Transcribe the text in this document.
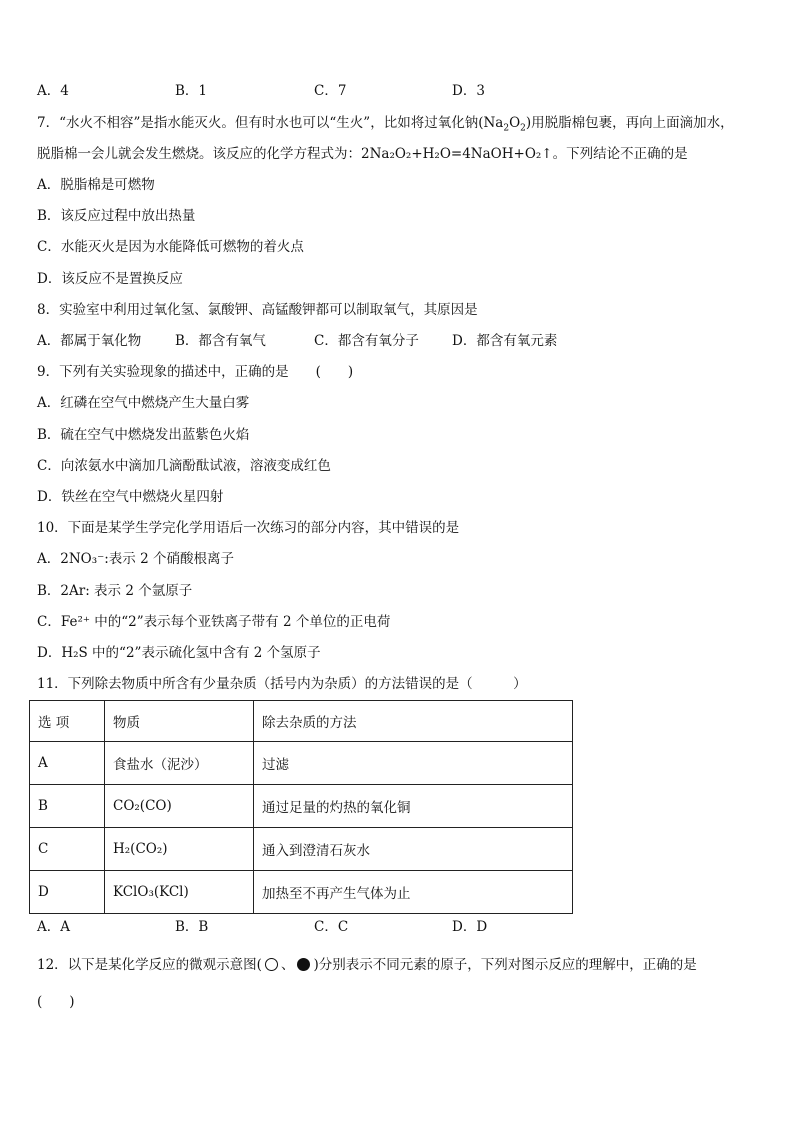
A．4	B．1	C．7	D．3
7．“水火不相容”是指水能灭火。但有时水也可以“生火”，比如将过氧化钠$(Na_2O_2)$用脱脂棉包裹，再向上面滴加水，
脱脂棉一会儿就会发生燃烧。该反应的化学方程式为：2Na₂O₂+H₂O=4NaOH+O₂↑。下列结论不正确的是
A．脱脂棉是可燃物
B．该反应过程中放出热量
C．水能灭火是因为水能降低可燃物的着火点
D．该反应不是置换反应
8．实验室中利用过氧化氢、氯酸钾、高锰酸钾都可以制取氧气，其原因是
A．都属于氧化物	B．都含有氧气	C．都含有氧分子 D．都含有氧元素
9．下列有关实验现象的描述中，正确的是　　(　　)
A．红磷在空气中燃烧产生大量白雾
B．硫在空气中燃烧发出蓝紫色火焰
C．向浓氨水中滴加几滴酚酞试液，溶液变成红色
D．铁丝在空气中燃烧火星四射
10．下面是某学生学完化学用语后一次练习的部分内容，其中错误的是
A．2NO₃⁻:表示 2 个硝酸根离子
B．2Ar: 表示 2 个氩原子
C．Fe²⁺ 中的“2”表示每个亚铁离子带有 2 个单位的正电荷
D．H₂S 中的“2”表示硫化氢中含有 2 个氢原子
11．下列除去物质中所含有少量杂质（括号内为杂质）的方法错误的是（　　　）
选 项	物质	除去杂质的方法
A	食盐水（泥沙）	过滤
B	CO₂(CO)	通过足量的灼热的氧化铜
C	H₂(CO₂)	通入到澄清石灰水
D	KClO₃(KCl)	加热至不再产生气体为止
A．A	B．B	C．C	D．D
12．以下是某化学反应的微观示意图( 、 )分别表示不同元素的原子，下列对图示反应的理解中，正确的是
(　　)
